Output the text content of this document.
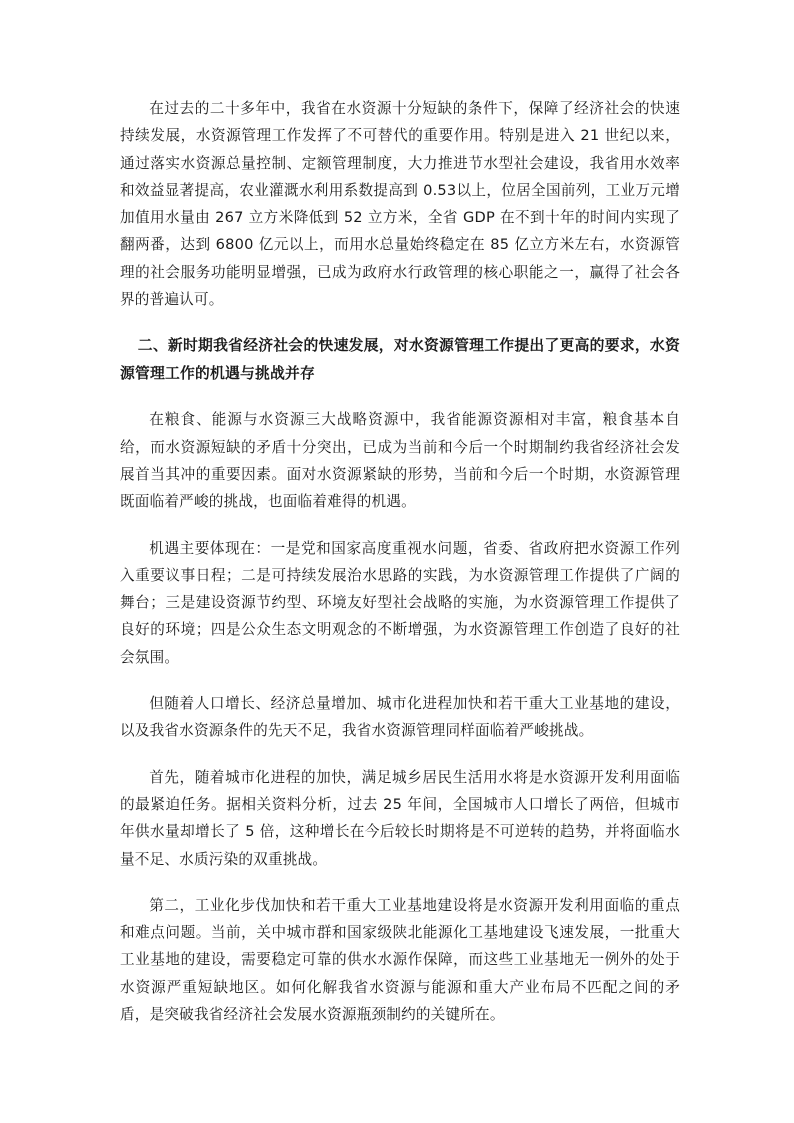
在过去的二十多年中，我省在水资源十分短缺的条件下，保障了经济社会的快速持续发展，水资源管理工作发挥了不可替代的重要作用。特别是进入 21 世纪以来，通过落实水资源总量控制、定额管理制度，大力推进节水型社会建设，我省用水效率和效益显著提高，农业灌溉水利用系数提高到 0.53以上，位居全国前列，工业万元增加值用水量由 267 立方米降低到 52 立方米，全省 GDP 在不到十年的时间内实现了翻两番，达到 6800 亿元以上，而用水总量始终稳定在 85 亿立方米左右，水资源管理的社会服务功能明显增强，已成为政府水行政管理的核心职能之一，赢得了社会各界的普遍认可。

二、新时期我省经济社会的快速发展，对水资源管理工作提出了更高的要求，水资源管理工作的机遇与挑战并存

在粮食、能源与水资源三大战略资源中，我省能源资源相对丰富，粮食基本自给，而水资源短缺的矛盾十分突出，已成为当前和今后一个时期制约我省经济社会发展首当其冲的重要因素。面对水资源紧缺的形势，当前和今后一个时期，水资源管理既面临着严峻的挑战，也面临着难得的机遇。

机遇主要体现在：一是党和国家高度重视水问题，省委、省政府把水资源工作列入重要议事日程；二是可持续发展治水思路的实践，为水资源管理工作提供了广阔的舞台；三是建设资源节约型、环境友好型社会战略的实施，为水资源管理工作提供了良好的环境；四是公众生态文明观念的不断增强，为水资源管理工作创造了良好的社会氛围。

但随着人口增长、经济总量增加、城市化进程加快和若干重大工业基地的建设，以及我省水资源条件的先天不足，我省水资源管理同样面临着严峻挑战。

首先，随着城市化进程的加快，满足城乡居民生活用水将是水资源开发利用面临的最紧迫任务。据相关资料分析，过去 25 年间，全国城市人口增长了两倍，但城市年供水量却增长了 5 倍，这种增长在今后较长时期将是不可逆转的趋势，并将面临水量不足、水质污染的双重挑战。

第二，工业化步伐加快和若干重大工业基地建设将是水资源开发利用面临的重点和难点问题。当前，关中城市群和国家级陕北能源化工基地建设飞速发展，一批重大工业基地的建设，需要稳定可靠的供水水源作保障，而这些工业基地无一例外的处于水资源严重短缺地区。如何化解我省水资源与能源和重大产业布局不匹配之间的矛盾，是突破我省经济社会发展水资源瓶颈制约的关键所在。
